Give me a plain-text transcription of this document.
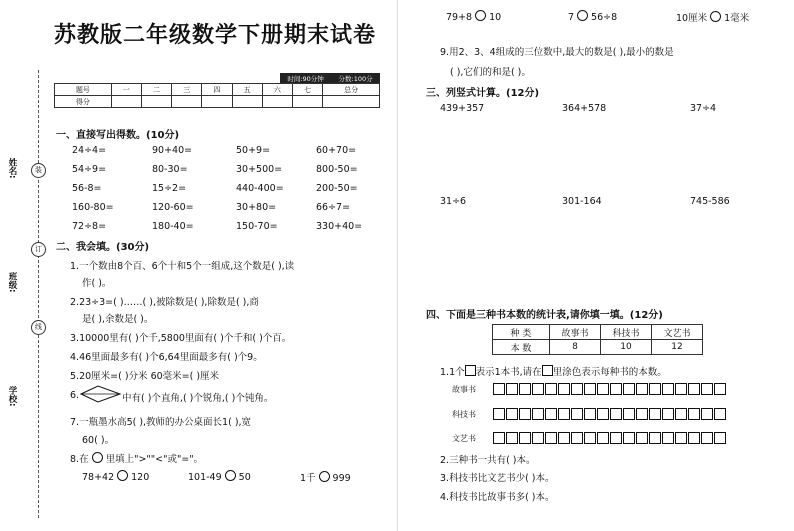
苏教版二年级数学下册期末试卷
时间:90分钟 分数:100分
题号	一	二	三	四	五	六	七	总分
得分								
姓名:
班级:
学校:
装
订
线
一、直接写出得数。(10分)
24÷4=	90+40=	50+9=	60+70=
54÷9=	80-30=	30+500=	800-50=
56-8=	15÷2=	440-400=	200-50=
160-80=	120-60=	30+80=	66÷7=
72÷8=	180-40=	150-70=	330+40=
二、我会填。(30分)
1.一个数由8个百、6个十和5个一组成,这个数是( ),读
作( )。
2.23÷3=( )……( ),被除数是( ),除数是( ),商
是( ),余数是( )。
3.10000里有( )个千,5800里面有( )个千和( )个百。
4.46里面最多有( )个6,64里面最多有( )个9。
5.20厘米=( )分米 60毫米=( )厘米
6.	中有( )个直角,( )个锐角,( )个钝角。
7.一瓶墨水高5( ),教师的办公桌面长1( ),宽
60( )。
8.在 里填上">""<"或"="。
78+42 120	101-49 50	1千 999
79+8 10	7 56÷8	10厘米 1毫米
9.用2、3、4组成的三位数中,最大的数是( ),最小的数是
( ),它们的和是( )。
三、列竖式计算。(12分)
439+357	364+578	37÷4
31÷6	301-164	745-586
四、下面是三种书本数的统计表,请你填一填。(12分)
种 类	故事书	科技书	文艺书
本 数	8	10	12
1.1个 表示1本书,请在 里涂色表示每种书的本数。
故事书
科技书
文艺书
2.三种书一共有( )本。
3.科技书比文艺书少( )本。
4.科技书比故事书多( )本。
